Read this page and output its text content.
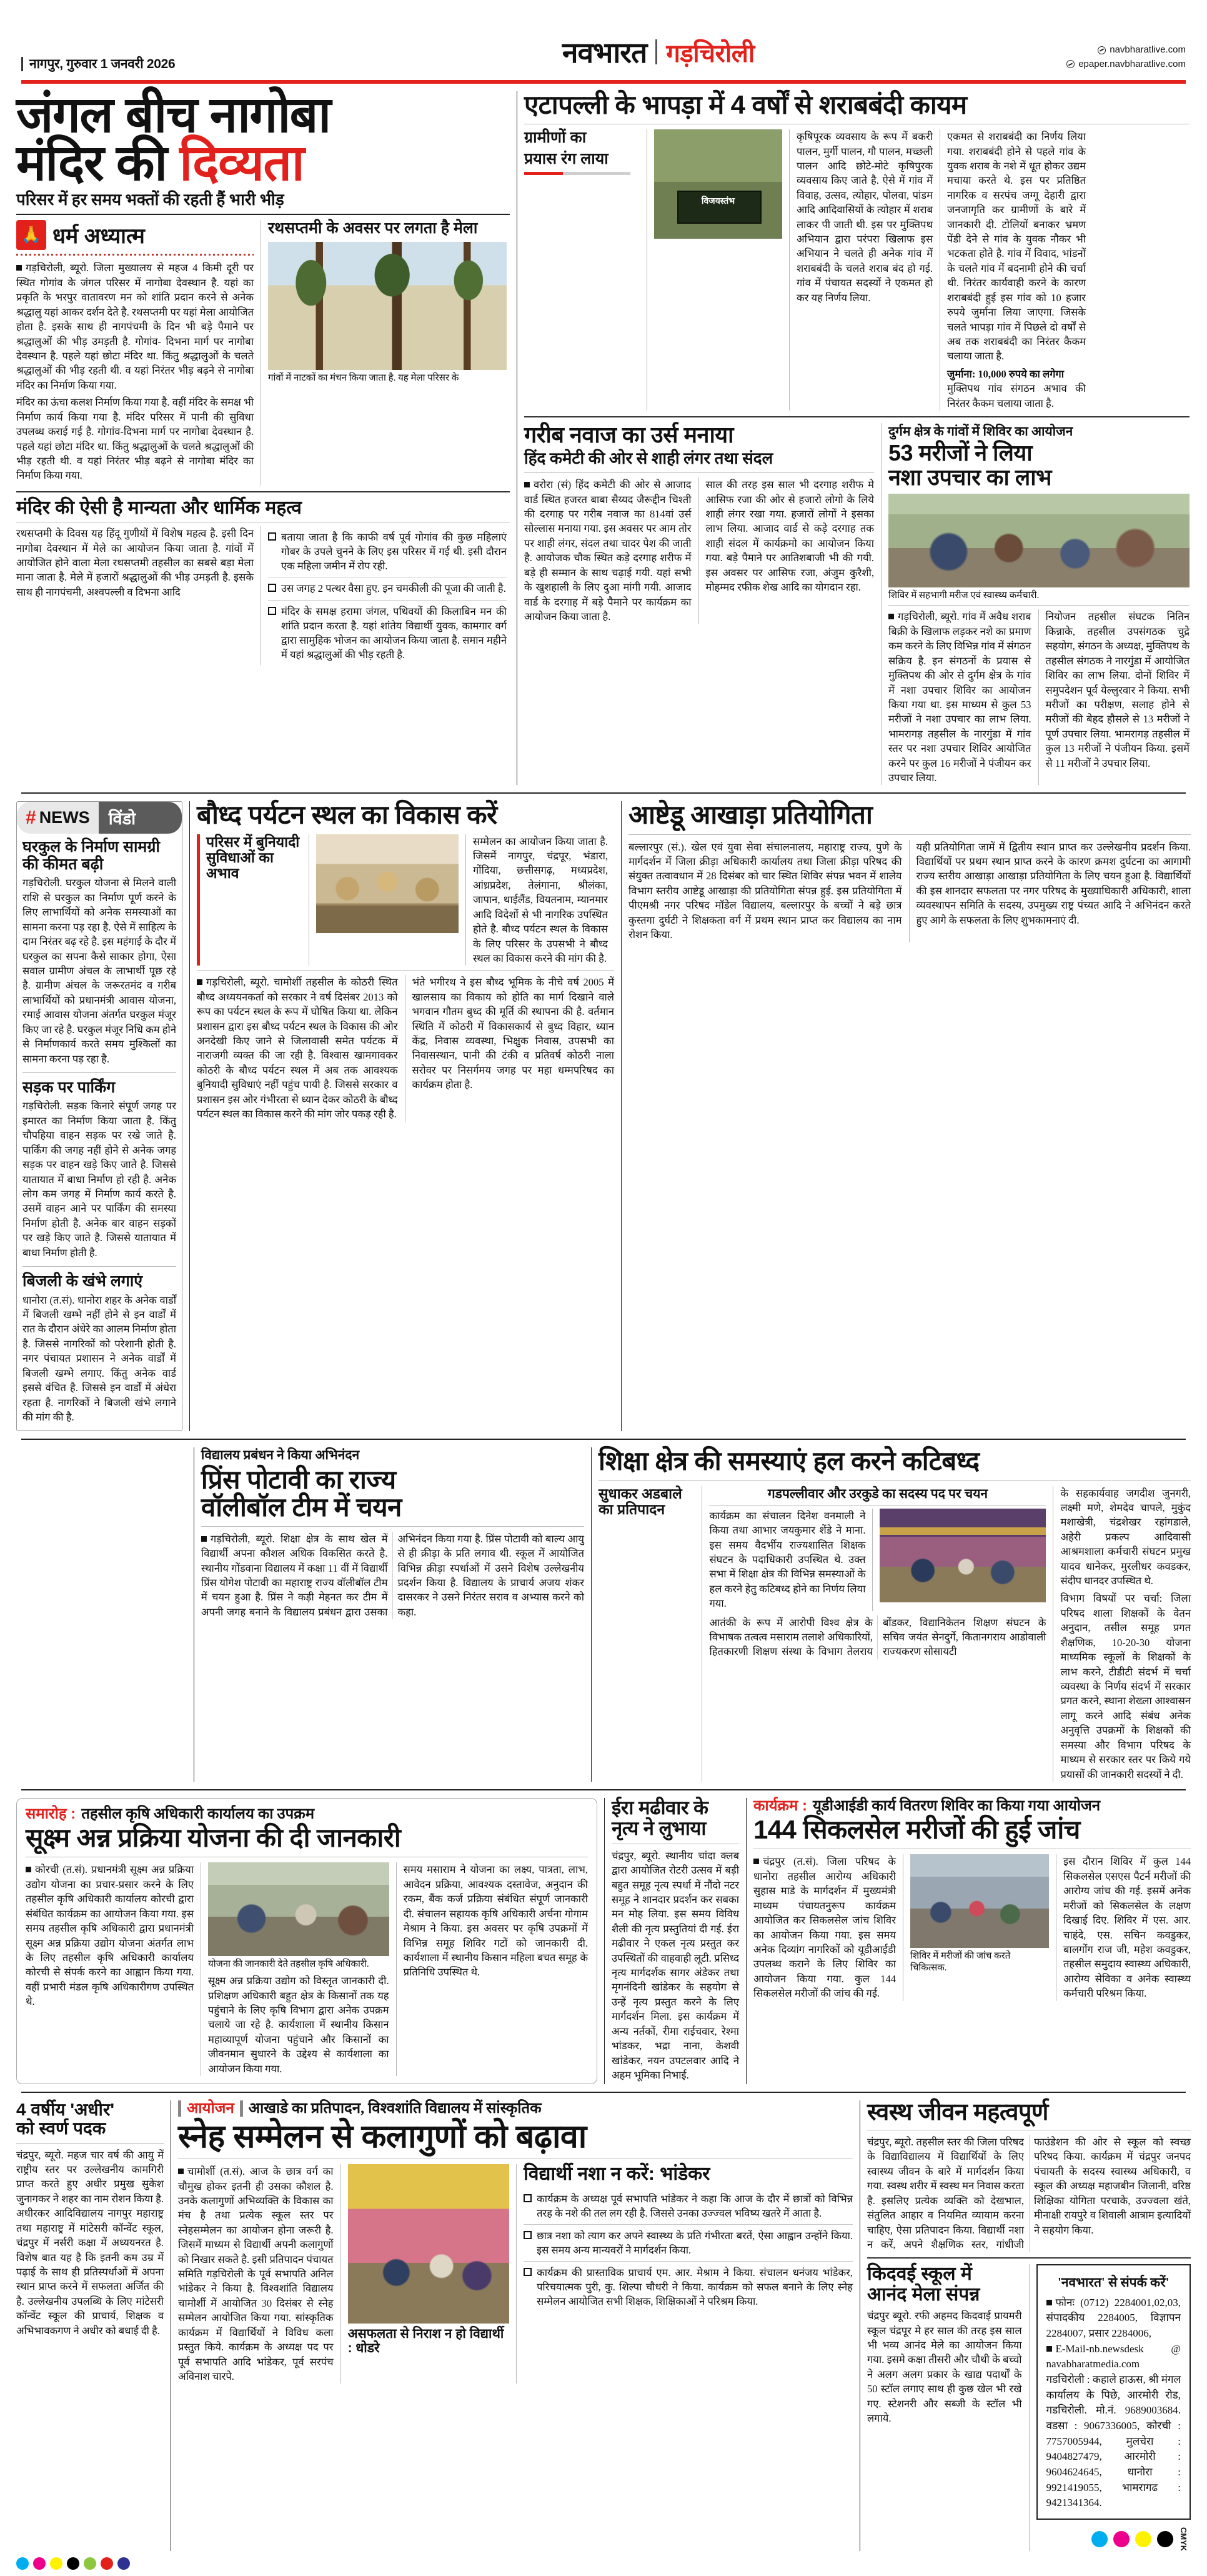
नागपुर, गुरुवार 1 जनवरी 2026	नवभारत गड़चिरोली	navbharatlive.com
epaper.navbharatlive.com
जंगल बीच नागोबा
मंदिर की दिव्यता
परिसर में हर समय भक्तों की रहती हैं भारी भीड़
🙏 धर्म अध्यात्म

गड़चिरोली, ब्यूरो. जिला मुख्यालय से महज 4 किमी दूरी पर स्थित गोगांव के जंगल परिसर में नागोबा देवस्थान है. यहां का प्रकृति के भरपुर वातावरण मन को शांति प्रदान करने से अनेक श्रद्धालु यहां आकर दर्शन देते है. रथसप्तमी पर यहां मेला आयोजित होता है. इसके साथ ही नागपंचमी के दिन भी बड़े पैमाने पर श्रद्धालुओं की भीड़ उमड़ती है. गोगांव- दिभना मार्ग पर नागोबा देवस्थान है. पहले यहां छोटा मंदिर था. किंतु श्रद्धालुओं के चलते श्रद्धालुओं की भीड़ रहती थी. व यहां निरंतर भीड़ बढ़ने से नागोबा मंदिर का निर्माण किया गया.

मंदिर का ऊंचा कलश निर्माण किया गया है. वहीं मंदिर के समक्ष भी निर्माण कार्य किया गया है. मंदिर परिसर में पानी की सुविधा उपलब्ध कराई गई है. गोगांव-दिभना मार्ग पर नागोबा देवस्थान है. पहले यहां छोटा मंदिर था. किंतु श्रद्धालुओं के चलते श्रद्धालुओं की भीड़ रहती थी. व यहां निरंतर भीड़ बढ़ने से नागोबा मंदिर का निर्माण किया गया.

रथसप्तमी के अवसर पर लगता है मेला
गांवों में नाटकों का मंचन किया जाता है. यह मेला परिसर के
मंदिर की ऐसी है मान्यता और धार्मिक महत्व
रथसप्तमी के दिवस यह हिंदू गुणीयों में विशेष महत्व है. इसी दिन नागोबा देवस्थान में मेले का आयोजन किया जाता है. गांवों में आयोजित होने वाला मेला रथसप्तमी तहसील का सबसे बड़ा मेला माना जाता है. मेले में हजारों श्रद्धालुओं की भीड़ उमड़ती है. इसके साथ ही नागपंचमी, अश्वपल्ली व दिभना आदि
बताया जाता है कि काफी वर्ष पूर्व गोगांव की कुछ महिलाएं गोबर के उपले चुनने के लिए इस परिसर में गई थी. इसी दौरान एक महिला जमीन में रोप रही.
उस जगह 2 पत्थर वैसा हुए. इन चमकीली की पूजा की जाती है.
मंदिर के समक्ष हरामा जंगल, पथिवयों की किलाबिन मन की शांति प्रदान करता है. यहां शांतेय विद्यार्थी युवक, कामगार वर्ग द्वारा सामुहिक भोजन का आयोजन किया जाता है. समान महीने में यहां श्रद्धालुओं की भीड़ रहती है.
एटापल्ली के भापड़ा में 4 वर्षों से शराबबंदी कायम
ग्रामीणों का
प्रयास रंग लाया
विजयस्तंभ
कृषिपूरक व्यवसाय के रूप में बकरी पालन, मुर्गी पालन, गौ पालन, मच्छली पालन आदि छोटे-मोटे कृषिपुरक व्यवसाय किए जाते है. ऐसे में गांव में विवाह, उत्सव, त्योहार, पोलवा, पांडम आदि आदिवासियों के त्योहार में शराब लाकर पी जाती थी. इस पर मुक्तिपथ अभियान द्वारा परंपरा खिलाफ इस अभियान ने चलते ही अनेक गांव में शराबबंदी के चलते शराब बंद हो गई. गांव में पंचायत सदस्यों ने एकमत हो कर यह निर्णय लिया.
एकमत से शराबबंदी का निर्णय लिया गया. शराबबंदी होने से पहले गांव के युवक शराब के नशे में धूत होकर उद्यम मचाया करते थे. इस पर प्रतिष्ठित नागरिक व सरपंच जग्गू देहारी द्वारा जनजागृति कर ग्रामीणों के बारे में जानकारी दी. टोलियों बनाकर भ्रमण पेंडी देने से गांव के युवक नौकर भी भटकता होते है. गांव में विवाद, भांडनों के चलते गांव में बदनामी होने की चर्चा थी. निरंतर कार्यवाही करने के कारण शराबबंदी हुई इस गांव को 10 हजार रुपये जुर्माना लिया जाएगा. जिसके चलते भापड़ा गांव में पिछले दो वर्षों से अब तक शराबबंदी का निरंतर कैकम चलाया जाता है.
जुर्माना: 10,000 रुपये का लगेगा
मुक्तिपथ गांव संगठन अभाव की निरंतर कैकम चलाया जाता है.
गरीब नवाज का उर्स मनाया
हिंद कमेटी की ओर से शाही लंगर तथा संदल
वरोरा (सं) हिंद कमेटी की ओर से आजाद वार्ड स्थित हजरत बाबा सैय्यद जैरूद्दीन चिश्ती की दरगाह पर गरीब नवाज का 814वां उर्स सोल्लास मनाया गया. इस अवसर पर आम तोर पर शाही लंगर, संदल तथा चादर पेश की जाती है. आयोजक चौक स्थित कड़े दरगाह शरीफ में बड़े ही सम्मान के साथ चढ़ाई गयी. यहां सभी के खुशहाली के लिए दुआ मांगी गयी. आजाद वार्ड के दरगाह में बड़े पैमाने पर कार्यक्रम का आयोजन किया जाता है.
साल की तरह इस साल भी दरगाह शरीफ मे आसिफ रजा की ओर से हजारो लोगो के लिये शाही लंगर रखा गया. हजारों लोगों ने इसका लाभ लिया. आजाद वार्ड से कड़े दरगाह तक शाही संदल में कार्यक्रमो का आयोजन किया गया. बड़े पैमाने पर आतिशबाजी भी की गयी. इस अवसर पर आसिफ रजा, अंजुम कुरैशी, मोहम्मद रफीक शेख आदि का योगदान रहा.
दुर्गम क्षेत्र के गांवों में शिविर का आयोजन
53 मरीजों ने लिया
नशा उपचार का लाभ
शिविर में सहभागी मरीज एवं स्वास्थ्य कर्मचारी.
गड़चिरोली, ब्यूरो. गांव में अवैध शराब बिक्री के खिलाफ लड़कर नशे का प्रमाण कम करने के लिए विभिन्न गांव में संगठन सक्रिय है. इन संगठनों के प्रयास से मुक्तिपथ की ओर से दुर्गम क्षेत्र के गांव में नशा उपचार शिविर का आयोजन किया गया था. इस माध्यम से कुल 53 मरीजों ने नशा उपचार का लाभ लिया. भामरागड़ तहसील के नारगुंडा में गांव स्तर पर नशा उपचार शिविर आयोजित करने पर कुल 16 मरीजों ने पंजीयन कर उपचार लिया.
नियोजन तहसील संघटक नितिन किन्नाके, तहसील उपसंगठक चुद्रे सहयोग, संगठन के अध्यक्ष, मुक्तिपथ के तहसील संगठक ने नारगुंडा में आयोजित शिविर का लाभ लिया. दोनों शिविर में समुपदेशन पूर्व येल्लुरवार ने किया. सभी मरीजों का परीक्षण, सलाह होने से मरीजों की बेहद हौसले से 13 मरीजों ने पूर्ण उपचार लिया. भामरागड़ तहसील में कुल 13 मरीजों ने पंजीयन किया. इसमें से 11 मरीजों ने उपचार लिया.
# NEWS	विंडो
घरकुल के निर्माण सामग्री की कीमत बढ़ी
गड़चिरोली. घरकुल योजना से मिलने वाली राशि से घरकुल का निर्माण पूर्ण करने के लिए लाभार्थियों को अनेक समस्याओं का सामना करना पड़ रहा है. ऐसे में साहित्य के दाम निरंतर बढ़ रहे है. इस महंगाई के दौर में घरकुल का सपना कैसे साकार होगा, ऐसा सवाल ग्रामीण अंचल के लाभार्थी पूछ रहे है. ग्रामीण अंचल के जरूरतमंद व गरीब लाभार्थियों को प्रधानमंत्री आवास योजना, रमाई आवास योजना अंतर्गत घरकुल मंजूर किए जा रहे है. घरकुल मंजूर निधि कम होने से निर्माणकार्य करते समय मुश्किलों का सामना करना पड़ रहा है.
सड़क पर पार्किंग
गड़चिरोली. सड़क किनारे संपूर्ण जगह पर इमारत का निर्माण किया जाता है. किंतु चौपहिया वाहन सड़क पर रखे जाते है. पार्किंग की जगह नहीं होने से अनेक जगह सड़क पर वाहन खड़े किए जाते है. जिससे यातायात में बाधा निर्माण हो रही है. अनेक लोग कम जगह में निर्माण कार्य करते है. उसमें वाहन आने पर पार्किंग की समस्या निर्माण होती है. अनेक बार वाहन सड़कों पर खड़े किए जाते है. जिससे यातायात में बाधा निर्माण होती है.
बिजली के खंभे लगाएं
धानोरा (त.सं). धानोरा शहर के अनेक वार्डों में बिजली खम्भे नहीं होने से इन वार्डों में रात के दौरान अंधेरे का आलम निर्माण होता है. जिससे नागरिकों को परेशानी होती है. नगर पंचायत प्रशासन ने अनेक वार्डों में बिजली खम्भे लगाए. किंतु अनेक वार्ड इससे वंचित है. जिससे इन वार्डों में अंधेरा रहता है. नागरिकों ने बिजली खंभे लगाने की मांग की है.
बौध्द पर्यटन स्थल का विकास करें
परिसर में बुनियादी
सुविधाओं का अभाव
सम्मेलन का आयोजन किया जाता है. जिसमें नागपुर, चंद्रपूर, भंडारा, गोंदिया, छत्तीसगढ़, मध्यप्रदेश, आंध्रप्रदेश, तेलंगाना, श्रीलंका, जापान, थाईलैंड, वियतनाम, म्यानमार आदि विदेशों से भी नागरिक उपस्थित होते है. बौध्द पर्यटन स्थल के विकास के लिए परिसर के उपसभी ने बौध्द स्थल का विकास करने की मांग की है.
गड़चिरोली, ब्यूरो. चामोर्शी तहसील के कोठरी स्थित बौध्द अध्ययनकर्ता को सरकार ने वर्ष दिसंबर 2013 को रूप का पर्यटन स्थल के रूप में घोषित किया था. लेकिन प्रशासन द्वारा इस बौध्द पर्यटन स्थल के विकास की ओर अनदेखी किए जाने से जिलावासी समेत पर्यटक में नाराजगी व्यक्त की जा रही है. विश्वास खामगावकर कोठरी के बौध्द पर्यटन स्थल में अब तक आवश्यक बुनियादी सुविधाएं नहीं पहुंच पायी है. जिससे सरकार व प्रशासन इस ओर गंभीरता से ध्यान देकर कोठरी के बौध्द पर्यटन स्थल का विकास करने की मांग जोर पकड़ रही है.
भंते भगीरथ ने इस बौध्द भूमिक के नीचे वर्ष 2005 में खालसाय का विकाय को होति का मार्ग दिखाने वाले भगवान गौतम बुध्द की मूर्ति की स्थापना की है. वर्तमान स्थिति में कोठरी में विकासकार्य से बुध्द विहार, ध्यान केंद्र, निवास व्यवस्था, भिक्षुक निवास, उपसभी का निवासस्थान, पानी की टंकी व प्रतिवर्ष कोठरी नाला सरोवर पर निसर्गमय जगह पर महा धम्मपरिषद का कार्यक्रम होता है.
आष्टेडू आखाड़ा प्रतियोगिता
बल्लारपुर (सं.). खेल एवं युवा सेवा संचालनालय, महाराष्ट्र राज्य, पुणे के मार्गदर्शन में जिला क्रीड़ा अधिकारी कार्यालय तथा जिला क्रीड़ा परिषद की संयुक्त तत्वावधान में 28 दिसंबर को चार स्थित शिविर संपन्न भवन में शालेय विभाग स्तरीय आष्टेडू आखाड़ा की प्रतियोगिता संपन्न हुई. इस प्रतियोगिता में पीएमश्री नगर परिषद मॉडेल विद्यालय, बल्लारपुर के बच्चों ने बड़े छात्र कुस्तगा दुर्घटी ने शिक्षकता वर्ग में प्रथम स्थान प्राप्त कर विद्यालय का नाम रोशन किया.
यही प्रतियोगिता जामें में द्वितीय स्थान प्राप्त कर उल्लेखनीय प्रदर्शन किया. विद्यार्थियों पर प्रथम स्थान प्राप्त करने के कारण क्रमश दुर्घटना का आगामी राज्य स्तरीय आखाड़ा आखाड़ा प्रतियोगिता के लिए चयन हुआ है. विद्यार्थियों की इस शानदार सफलता पर नगर परिषद के मुख्याधिकारी अधिकारी, शाला व्यवस्थापन समिति के सदस्य, उपमुख्य राष्ट्र पंच्यत आदि ने अभिनंदन करते हुए आगे के सफलता के लिए शुभकामनाएं दी.
विद्यालय प्रबंधन ने किया अभिनंदन
प्रिंस पोटावी का राज्य
वॉलीबॉल टीम में चयन
गड़चिरोली, ब्यूरो. शिक्षा क्षेत्र के साथ खेल में विद्यार्थी अपना कौशल अधिक विकसित करते है. स्थानीय गोंडवाना विद्यालय में कक्षा 11 वीं में विद्यार्थी प्रिंस योगेश पोटावी का महाराष्ट्र राज्य वॉलीबॉल टीम में चयन हुआ है. प्रिंस ने कड़ी मेहनत कर टीम में अपनी जगह बनाने के विद्यालय प्रबंधन द्वारा उसका अभिनंदन किया गया है. प्रिंस पोटावी को बाल्य आयु से ही क्रीड़ा के प्रति लगाव थी. स्कूल में आयोजित विभिन्न क्रीड़ा स्पर्धाओं में उसने विशेष उल्लेखनीय प्रदर्शन किया है. विद्यालय के प्राचार्य अजय शंकर दासरकर ने उसने निरंतर सराव व अभ्यास करने को कहा.
शिक्षा क्षेत्र की समस्याएं हल करने कटिबध्द
सुधाकर अडबाले
का प्रतिपादन
गडपल्लीवार और उरकुडे का सदस्य पद पर चयन
कार्यक्रम का संचालन दिनेश वनमाली ने किया तथा आभार जयकुमार शेंडे ने माना. इस समय वैदर्भीय राज्यशासित शिक्षक संघटन के पदाधिकारी उपस्थित थे. उक्त सभा में शिक्षा क्षेत्र की विभिन्न समस्याओं के हल करने हेतु कटिबध्द होने का निर्णय लिया गया.
आतंकी के रूप में आरोपी विश्व क्षेत्र के विभाषक तत्वत्व मसाराम तलाशे अधिकारियों, हितकारणी शिक्षण संस्था के विभाग तेलराय बोंडकर, विद्यानिकेतन शिक्षण संघटन के सचिव जयंत सेनदुर्गे, कितानगराय आडोवाली राज्यकरण सोसायटी
के सहकार्यवाह जगदीश जुनगरी, लक्ष्मी मणे, शेमदेव चापले, मुकुंद मशाखेत्री, चंद्रशेखर रहांगडाले, अहेरी प्रकल्प आदिवासी आश्रमशाला कर्मचारी संघटन प्रमुख यादव धानेकर, मुरलीधर कवडकर, संदीप धानदर उपस्थित थे.
विभाग विषयों पर चर्चा: जिला परिषद शाला शिक्षकों के वेतन अनुदान, तसील समूह प्रगत शैक्षणिक, 10-20-30 योजना माध्यमिक स्कूलों के शिक्षकों के लाभ करने, टीडीटी संदर्भ में चर्चा व्यवस्था के निर्णय संदर्भ में सरकार प्रगत करने, स्थाना शेख्ला आश्वासन लागू करने आदि संबंध अनेक अनुवृत्ति उपक्रमों के शिक्षकों की समस्या और विभाग परिषद के माध्यम से सरकार स्तर पर किये गये प्रयासों की जानकारी सदस्यों ने दी.
समारोह : तहसील कृषि अधिकारी कार्यालय का उपक्रम
सूक्ष्म अन्न प्रक्रिया योजना की दी जानकारी
कोरची (त.सं). प्रधानमंत्री सूक्ष्म अन्न प्रक्रिया उद्योग योजना का प्रचार-प्रसार करने के लिए तहसील कृषि अधिकारी कार्यालय कोरची द्वारा संबंधित कार्यक्रम का आयोजन किया गया. इस समय तहसील कृषि अधिकारी द्वारा प्रधानमंत्री सूक्ष्म अन्न प्रक्रिया उद्योग योजना अंतर्गत लाभ के लिए तहसील कृषि अधिकारी कार्यालय कोरची से संपर्क करने का आह्वान किया गया. वहीं प्रभारी मंडल कृषि अधिकारीगण उपस्थित थे.
योजना की जानकारी देते तहसील कृषि अधिकारी.
सूक्ष्म अन्न प्रक्रिया उद्योग को विस्तृत जानकारी दी. प्रशिक्षण अधिकारी बहुत क्षेत्र के किसानों तक यह पहुंचाने के लिए कृषि विभाग द्वारा अनेक उपक्रम चलाये जा रहे है. कार्यशाला में स्थानीय किसान महाव्यापूर्ण योजना पहुंचाने और किसानों का जीवनमान सुधारने के उद्देश्य से कार्यशाला का आयोजन किया गया.
समय मसाराम ने योजना का लक्ष्य, पात्रता, लाभ, आवेदन प्रक्रिया, आवश्यक दस्तावेज, अनुदान की रकम, बैंक कर्ज प्रक्रिया संबंधित संपूर्ण जानकारी दी. संचालन सहायक कृषि अधिकारी अर्चना गोगाम मेश्राम ने किया. इस अवसर पर कृषि उपक्रमों में विभिन्न समूह शिविर गटों को जानकारी दी. कार्यशाला में स्थानीय किसान महिला बचत समूह के प्रतिनिधि उपस्थित थे.
ईरा मढीवार के
नृत्य ने लुभाया
चंद्रपुर, ब्यूरो. स्थानीय चांदा क्लब द्वारा आयोजित रोटरी उत्सव में बड़ी बहुत समूह नृत्य स्पर्धा में नौंदो नटर समूह ने शानदार प्रदर्शन कर सबका मन मोह लिया. इस समय विविध शैली की नृत्य प्रस्तुतियां दी गई. ईरा मढीवार ने एकल नृत्य प्रस्तुत कर उपस्थितों की वाहवाही लूटी. प्रसिध्द नृत्य मार्गदर्शक सागर अंडेकर तथा मृगनंदिनी खांडेकर के सहयोग से उन्हें नृत्य प्रस्तुत करने के लिए मार्गदर्शन मिला. इस कार्यक्रम में अन्य नर्तकों, रीमा राईचवार, रेश्मा भांडकर, भद्रा नाना, केशवी खांडेकर, नयन उपटलवार आदि ने अहम भूमिका निभाई.
कार्यक्रम : यूडीआईडी कार्य वितरण शिविर का किया गया आयोजन
144 सिकलसेल मरीजों की हुई जांच
चंद्रपुर (त.सं). जिला परिषद के धानोरा तहसील आरोग्य अधिकारी सुहास माडे के मार्गदर्शन में मुख्यमंत्री माध्यम पंचायतनुरूप कार्यक्रम आयोजित कर सिकलसेल जांच शिविर का आयोजन किया गया. इस समय अनेक दिव्यांग नागरिकों को यूडीआईडी उपलब्ध कराने के लिए शिविर का आयोजन किया गया. कुल 144 सिकलसेल मरीजों की जांच की गई.
शिविर में मरीजों की जांच करते चिकित्सक.
इस दौरान शिविर में कुल 144 सिकलसेल एसएस पैटर्न मरीजों की आरोग्य जांच की गई. इसमें अनेक मरीजों को सिकलसेल के लक्षण दिखाई दिए. शिविर में एस. आर. चाहंदे, एस. सचिन कवडुकर, बालगोंग राज जी, महेश कवडुकर, तहसील समुदाय स्वास्थ्य अधिकारी, आरोग्य सेविका व अनेक स्वास्थ्य कर्मचारी परिश्रम किया.
4 वर्षीय 'अधीर'
को स्वर्ण पदक
चंद्रपुर, ब्यूरो. महज चार वर्ष की आयु में राष्ट्रीय स्तर पर उल्लेखनीय कामगिरी प्राप्त करते हुए अधीर प्रमुख सुकेश जुनागकर ने शहर का नाम रोशन किया है. अधीरकर आदिविद्यालय नागपुर महाराष्ट्र तथा महाराष्ट्र में मांटेसरी कॉन्वेंट स्कूल, चंद्रपुर में नर्सरी कक्षा में अध्ययनरत है. विशेष बात यह है कि इतनी कम उम्र में पढ़ाई के साथ ही प्रतिस्पर्धाओं में अपना स्थान प्राप्त करने में सफलता अर्जित की है. उल्लेखनीय उपलब्धि के लिए मांटेसरी कॉन्वेंट स्कूल की प्राचार्य, शिक्षक व अभिभावकगण ने अधीर को बधाई दी है.
आयोजन आखाडे का प्रतिपादन, विश्वशांति विद्यालय में सांस्कृतिक
स्नेह सम्मेलन से कलागुणों को बढ़ावा
चामोर्शी (त.सं). आज के छात्र वर्ग का चौमुख होकर इतनी ही उसका कौशल है. उनके कलागुणों अभिव्यक्ति के विकास का मंच है तथा प्रत्येक स्कूल स्तर पर स्नेहसम्मेलन का आयोजन होना जरूरी है. जिसमें माध्यम से विद्यार्थी अपनी कलागुणों को निखार सकते है. इसी प्रतिपादन पंचायत समिति गड़चिरोली के पूर्व सभापति अनिल भांडेकर ने किया है. विश्वशांति विद्यालय चामोर्शी में आयोजित 30 दिसंबर से स्नेह सम्मेलन आयोजित किया गया. सांस्कृतिक कार्यक्रम में विद्यार्थियों ने विविध कला प्रस्तुत किये. कार्यक्रम के अध्यक्ष पद पर पूर्व सभापति आदि भांडेकर, पूर्व सरपंच अविनाश चारपे.
असफलता से निराश न हो विद्यार्थी : धोडरे
विद्यार्थी नशा न करें: भांडेकर
कार्यक्रम के अध्यक्ष पूर्व सभापति भांडेकर ने कहा कि आज के दौर में छात्रों को विभिन्न तरह के नशे की तल लग रही है. जिससे उनका उज्ज्वल भविष्य खतरे में आता है.
छात्र नशा को त्याग कर अपने स्वास्थ्य के प्रति गंभीरता बरतें, ऐसा आह्वान उन्होंने किया. इस समय अन्य मान्यवरों ने मार्गदर्शन किया.
कार्यक्रम की प्रास्ताविक प्राचार्य एम. आर. मेश्राम ने किया. संचालन धनंजय भांडेकर, परिचयात्मक पुरी, कु. शिल्पा चौधरी ने किया. कार्यक्रम को सफल बनाने के लिए स्नेह सम्मेलन आयोजित सभी शिक्षक, शिक्षिकाओं ने परिश्रम किया.
स्वस्थ जीवन महत्वपूर्ण
चंद्रपुर, ब्यूरो. तहसील स्तर की जिला परिषद के विद्याविद्यालय में विद्यार्थियों के लिए स्वास्थ्य जीवन के बारे में मार्गदर्शन किया गया. स्वस्थ शरीर में स्वस्थ मन निवास करता है. इसलिए प्रत्येक व्यक्ति को देखभाल, संतुलित आहार व नियमित व्यायाम करना चाहिए, ऐसा प्रतिपादन किया. विद्यार्थी नशा न करें, अपने शैक्षणिक स्तर, गांधीजी फाउंडेशन की ओर से स्कूल को स्वच्छ परिषद किया. कार्यक्रम में चंद्रपुर जनपद पंचायती के सदस्य स्वास्थ्य अधिकारी, व स्कूल की अध्यक्ष महाजबीन जिलानी, वरिष्ठ शिक्षिका योगिता परचाके, उज्ज्वला खंते, मीनाक्षी रायपुरे व शिवाली आत्राम इत्यादियों ने सहयोग किया.
किदवई स्कूल में
आनंद मेला संपन्न
चंद्रपुर ब्यूरो. रफी अहमद किदवाई प्रायमरी स्कूल चंद्रपूर मे हर साल की तरह इस साल भी भव्य आनंद मेले का आयोजन किया गया. इसमे कक्षा तीसरी और चौथी के बच्चो ने अलग अलग प्रकार के खाद्य पदार्थों के 50 स्टॉल लगाए साथ ही कुछ खेल भी रखे गए. स्टेशनरी और सब्जी के स्टॉल भी लगाये.
'नवभारत' से संपर्क करें'
फोनः (0712) 2284001,02,03, संपादकीय 2284005, विज्ञापन 2284007, प्रसार 2284006,
E-Mail-nb.newsdesk @ navabharatmedia.com
गडचिरोली : कहाले हाऊस, श्री मंगल कार्यालय के पिछे, आरमोरी रोड, गडचिरोली. मो.नं. 9689003684. वडसा : 9067336005, कोरची : 7757005944, मुलचेरा : 9404827479, आरमोरी : 9604624645, धानोरा : 9921419055, भामरागढ : 9421341364.
CMYK
